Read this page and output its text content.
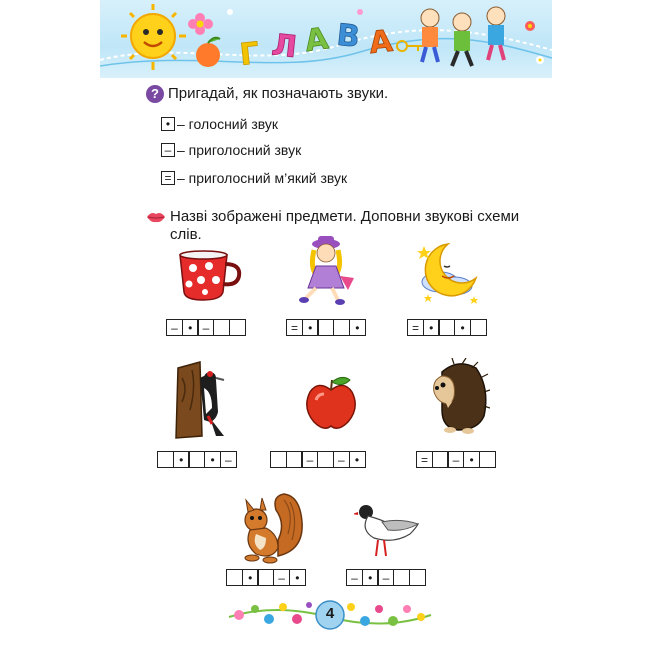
Г Л А В А
? Пригадай, як позначають звуки.
• – голосний звук
– – приголосний звук
= – приголосний м’який звук
Назві зображені предмети. Доповни звукові схеми
слів.
– • –	= •	•	= •	•
•	• –	–	– •	=	– •
•	– •	– • –
4
